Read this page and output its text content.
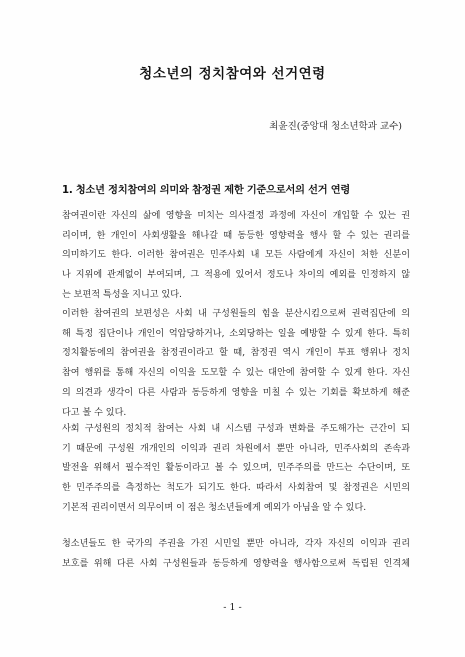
청소년의 정치참여와 선거연령
최윤진(중앙대 청소년학과 교수)
1. 청소년 정치참여의 의미와 참정권 제한 기준으로서의 선거 연령
참여권이란 자신의 삶에 영향을 미치는 의사결정 과정에 자신이 개입할 수 있는 권
리이며, 한 개인이 사회생활을 해나갈 때 동등한 영향력을 행사 할 수 있는 권리를
의미하기도 한다. 이러한 참여권은 민주사회 내 모든 사람에게 자신이 처한 신분이
나 지위에 관계없이 부여되며, 그 적용에 있어서 정도나 차이의 예외를 인정하지 않
는 보편적 특성을 지니고 있다.
이러한 참여권의 보편성은 사회 내 구성원들의 힘을 분산시킴으로써 권력집단에 의
해 특정 집단이나 개인이 억압당하거나, 소외당하는 일을 예방할 수 있게 한다. 특히
정치활동에의 참여권을 참정권이라고 할 때, 참정권 역시 개인이 투표 행위나 정치
참여 행위를 통해 자신의 이익을 도모할 수 있는 대안에 참여할 수 있게 한다. 자신
의 의견과 생각이 다른 사람과 동등하게 영향을 미칠 수 있는 기회를 확보하게 해준
다고 볼 수 있다.
사회 구성원의 정치적 참여는 사회 내 시스템 구성과 변화를 주도해가는 근간이 되
기 때문에 구성원 개개인의 이익과 권리 차원에서 뿐만 아니라, 민주사회의 존속과
발전을 위해서 필수적인 활동이라고 볼 수 있으며, 민주주의를 만드는 수단이며, 또
한 민주주의를 측정하는 척도가 되기도 한다. 따라서 사회참여 및 참정권은 시민의
기본적 권리이면서 의무이며 이 점은 청소년들에게 예외가 아님을 알 수 있다.
청소년들도 한 국가의 주권을 가진 시민일 뿐만 아니라, 각자 자신의 이익과 권리
보호를 위해 다른 사회 구성원들과 동등하게 영향력을 행사함으로써 독립된 인격체
- 1 -
